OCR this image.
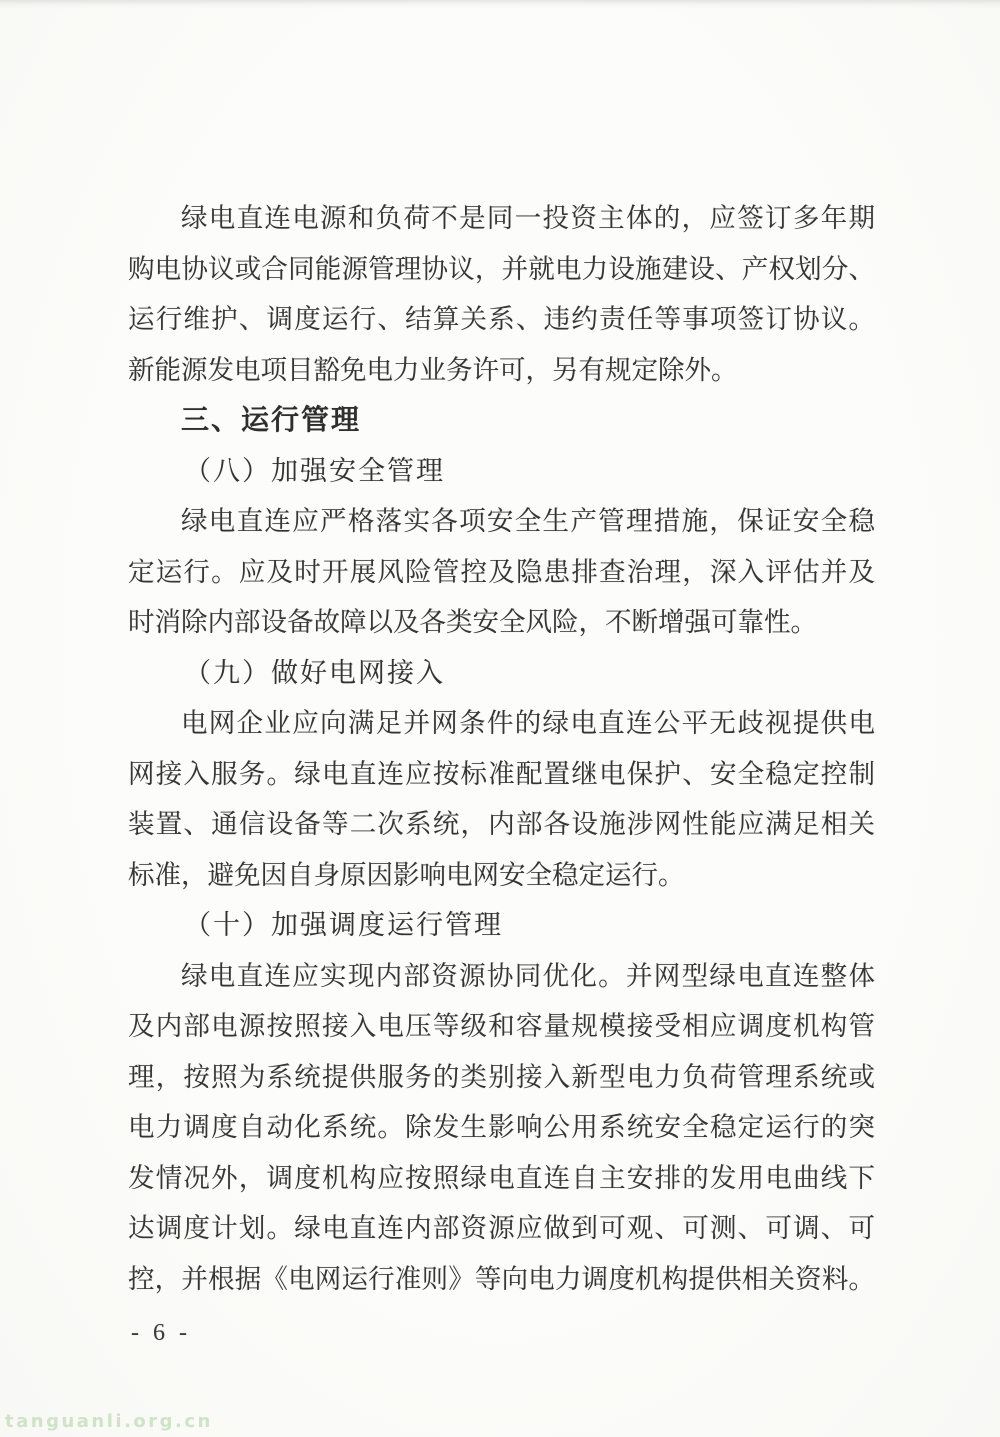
绿电直连电源和负荷不是同一投资主体的，应签订多年期
购电协议或合同能源管理协议，并就电力设施建设、产权划分、
运行维护、调度运行、结算关系、违约责任等事项签订协议。
新能源发电项目豁免电力业务许可，另有规定除外。
三、运行管理
（八）加强安全管理
绿电直连应严格落实各项安全生产管理措施，保证安全稳
定运行。应及时开展风险管控及隐患排查治理，深入评估并及
时消除内部设备故障以及各类安全风险，不断增强可靠性。
（九）做好电网接入
电网企业应向满足并网条件的绿电直连公平无歧视提供电
网接入服务。绿电直连应按标准配置继电保护、安全稳定控制
装置、通信设备等二次系统，内部各设施涉网性能应满足相关
标准，避免因自身原因影响电网安全稳定运行。
（十）加强调度运行管理
绿电直连应实现内部资源协同优化。并网型绿电直连整体
及内部电源按照接入电压等级和容量规模接受相应调度机构管
理，按照为系统提供服务的类别接入新型电力负荷管理系统或
电力调度自动化系统。除发生影响公用系统安全稳定运行的突
发情况外，调度机构应按照绿电直连自主安排的发用电曲线下
达调度计划。绿电直连内部资源应做到可观、可测、可调、可
控，并根据《电网运行准则》等向电力调度机构提供相关资料。
- 6 -
tanguanli.org.cn
